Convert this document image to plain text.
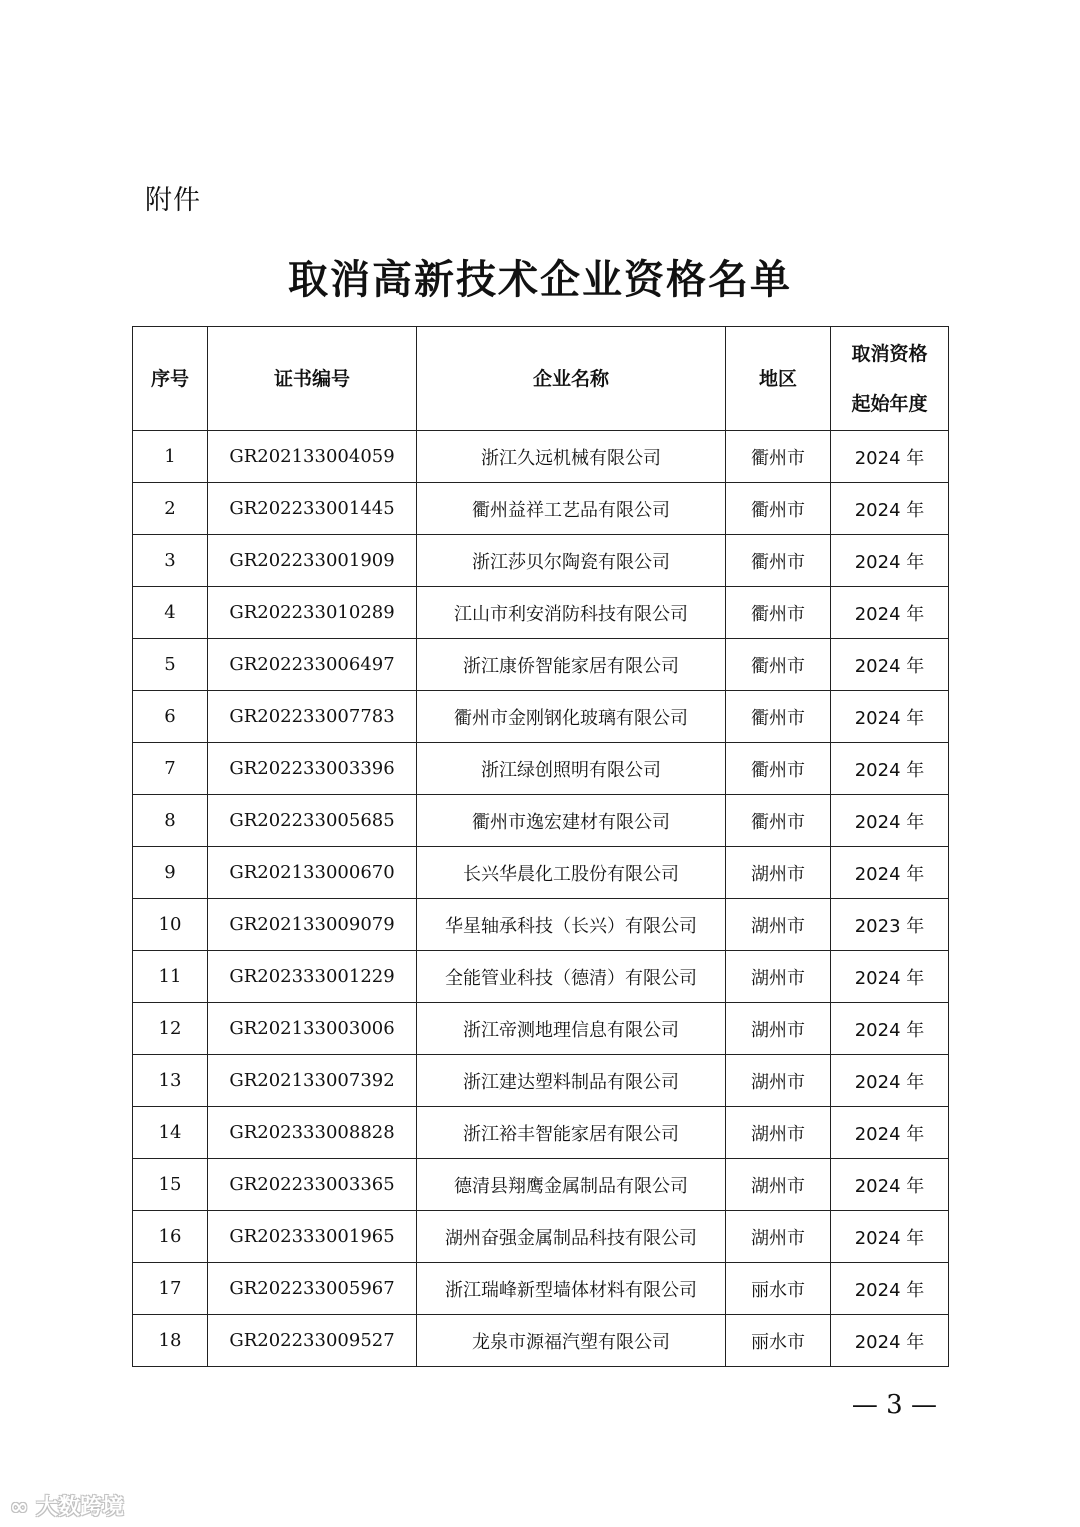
附件
取消高新技术企业资格名单
序号	证书编号	企业名称	地区	取消资格
起始年度
1	GR202133004059	浙江久远机械有限公司	衢州市	2024 年
2	GR202233001445	衢州益祥工艺品有限公司	衢州市	2024 年
3	GR202233001909	浙江莎贝尔陶瓷有限公司	衢州市	2024 年
4	GR202233010289	江山市利安消防科技有限公司	衢州市	2024 年
5	GR202233006497	浙江康侨智能家居有限公司	衢州市	2024 年
6	GR202233007783	衢州市金刚钢化玻璃有限公司	衢州市	2024 年
7	GR202233003396	浙江绿创照明有限公司	衢州市	2024 年
8	GR202233005685	衢州市逸宏建材有限公司	衢州市	2024 年
9	GR202133000670	长兴华晨化工股份有限公司	湖州市	2024 年
10	GR202133009079	华星轴承科技（长兴）有限公司	湖州市	2023 年
11	GR202333001229	全能管业科技（德清）有限公司	湖州市	2024 年
12	GR202133003006	浙江帝测地理信息有限公司	湖州市	2024 年
13	GR202133007392	浙江建达塑料制品有限公司	湖州市	2024 年
14	GR202333008828	浙江裕丰智能家居有限公司	湖州市	2024 年
15	GR202233003365	德清县翔鹰金属制品有限公司	湖州市	2024 年
16	GR202333001965	湖州奋强金属制品科技有限公司	湖州市	2024 年
17	GR202233005967	浙江瑞峰新型墙体材料有限公司	丽水市	2024 年
18	GR202233009527	龙泉市源福汽塑有限公司	丽水市	2024 年
— 3 —
∞ 大数跨境
